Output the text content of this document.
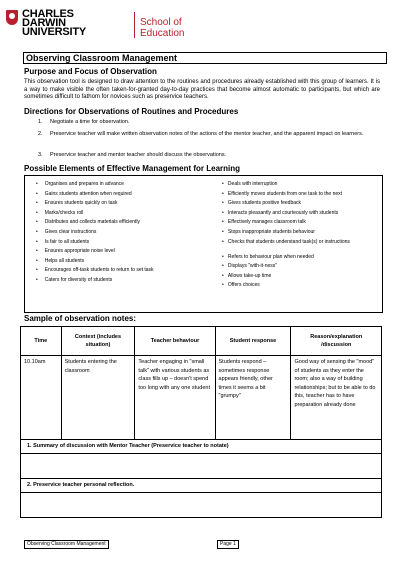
CHARLES
DARWIN
UNIVERSITY
School of
Education
Observing Classroom Management
Purpose and Focus of Observation
This observation tool is designed to draw attention to the routines and procedures already established with this group of learners. It is a way to make visible the often taken-for-granted day-to-day practices that become almost automatic to participants, but which are sometimes difficult to fathom for novices such as preservice teachers.
Directions for Observations of Routines and Procedures
1. Negotiate a time for observation.
2. Preservice teacher will make written observation notes of the actions of the mentor teacher, and the apparent impact on learners.
3. Preservice teacher and mentor teacher should discuss the observations.
Possible Elements of Effective Management for Learning
•     Organises and prepares in advance
•     Gains students attention when required
•     Ensures students quickly on task
•     Marks/checks roll
•     Distributes and collects materials efficiently
•     Gives clear instructions
•     Is fair to all students
•     Ensures appropriate noise level
•     Helps all students
•     Encourages off-task students to return to set task
•     Caters for diversity of students
•   Deals with interruption
•   Efficiently moves students from one task to the next
•   Gives students positive feedback
•   Interacts pleasantly and courteously with students
•   Effectively manages classroom talk
•   Stops inappropriate students behaviour
•   Checks that students understand task(s) or instructions
•   Refers to behaviour plan when needed
•   Displays "with-it-ness"
•   Allows take-up time
•   Offers choices
Sample of observation notes:
Time	Context (includes situation)	Teacher behaviour	Student response	Reason/explanation /discussion
10.10am	Students entering the classroom	Teacher engaging in "small talk" with various students as class fills up – doesn't spend too long with any one student	Students respond – sometimes response appears friendly, other times it seems a bit "grumpy"	Good way of sensing the "mood" of students as they enter the room; also a way of building relationships; but to be able to do this, teacher has to have preparation already done
1. Summary of discussion with Mentor Teacher (Preservice teacher to notate)				

2. Preservice teacher personal reflection.				

Observing Classroom Management	Page 1
